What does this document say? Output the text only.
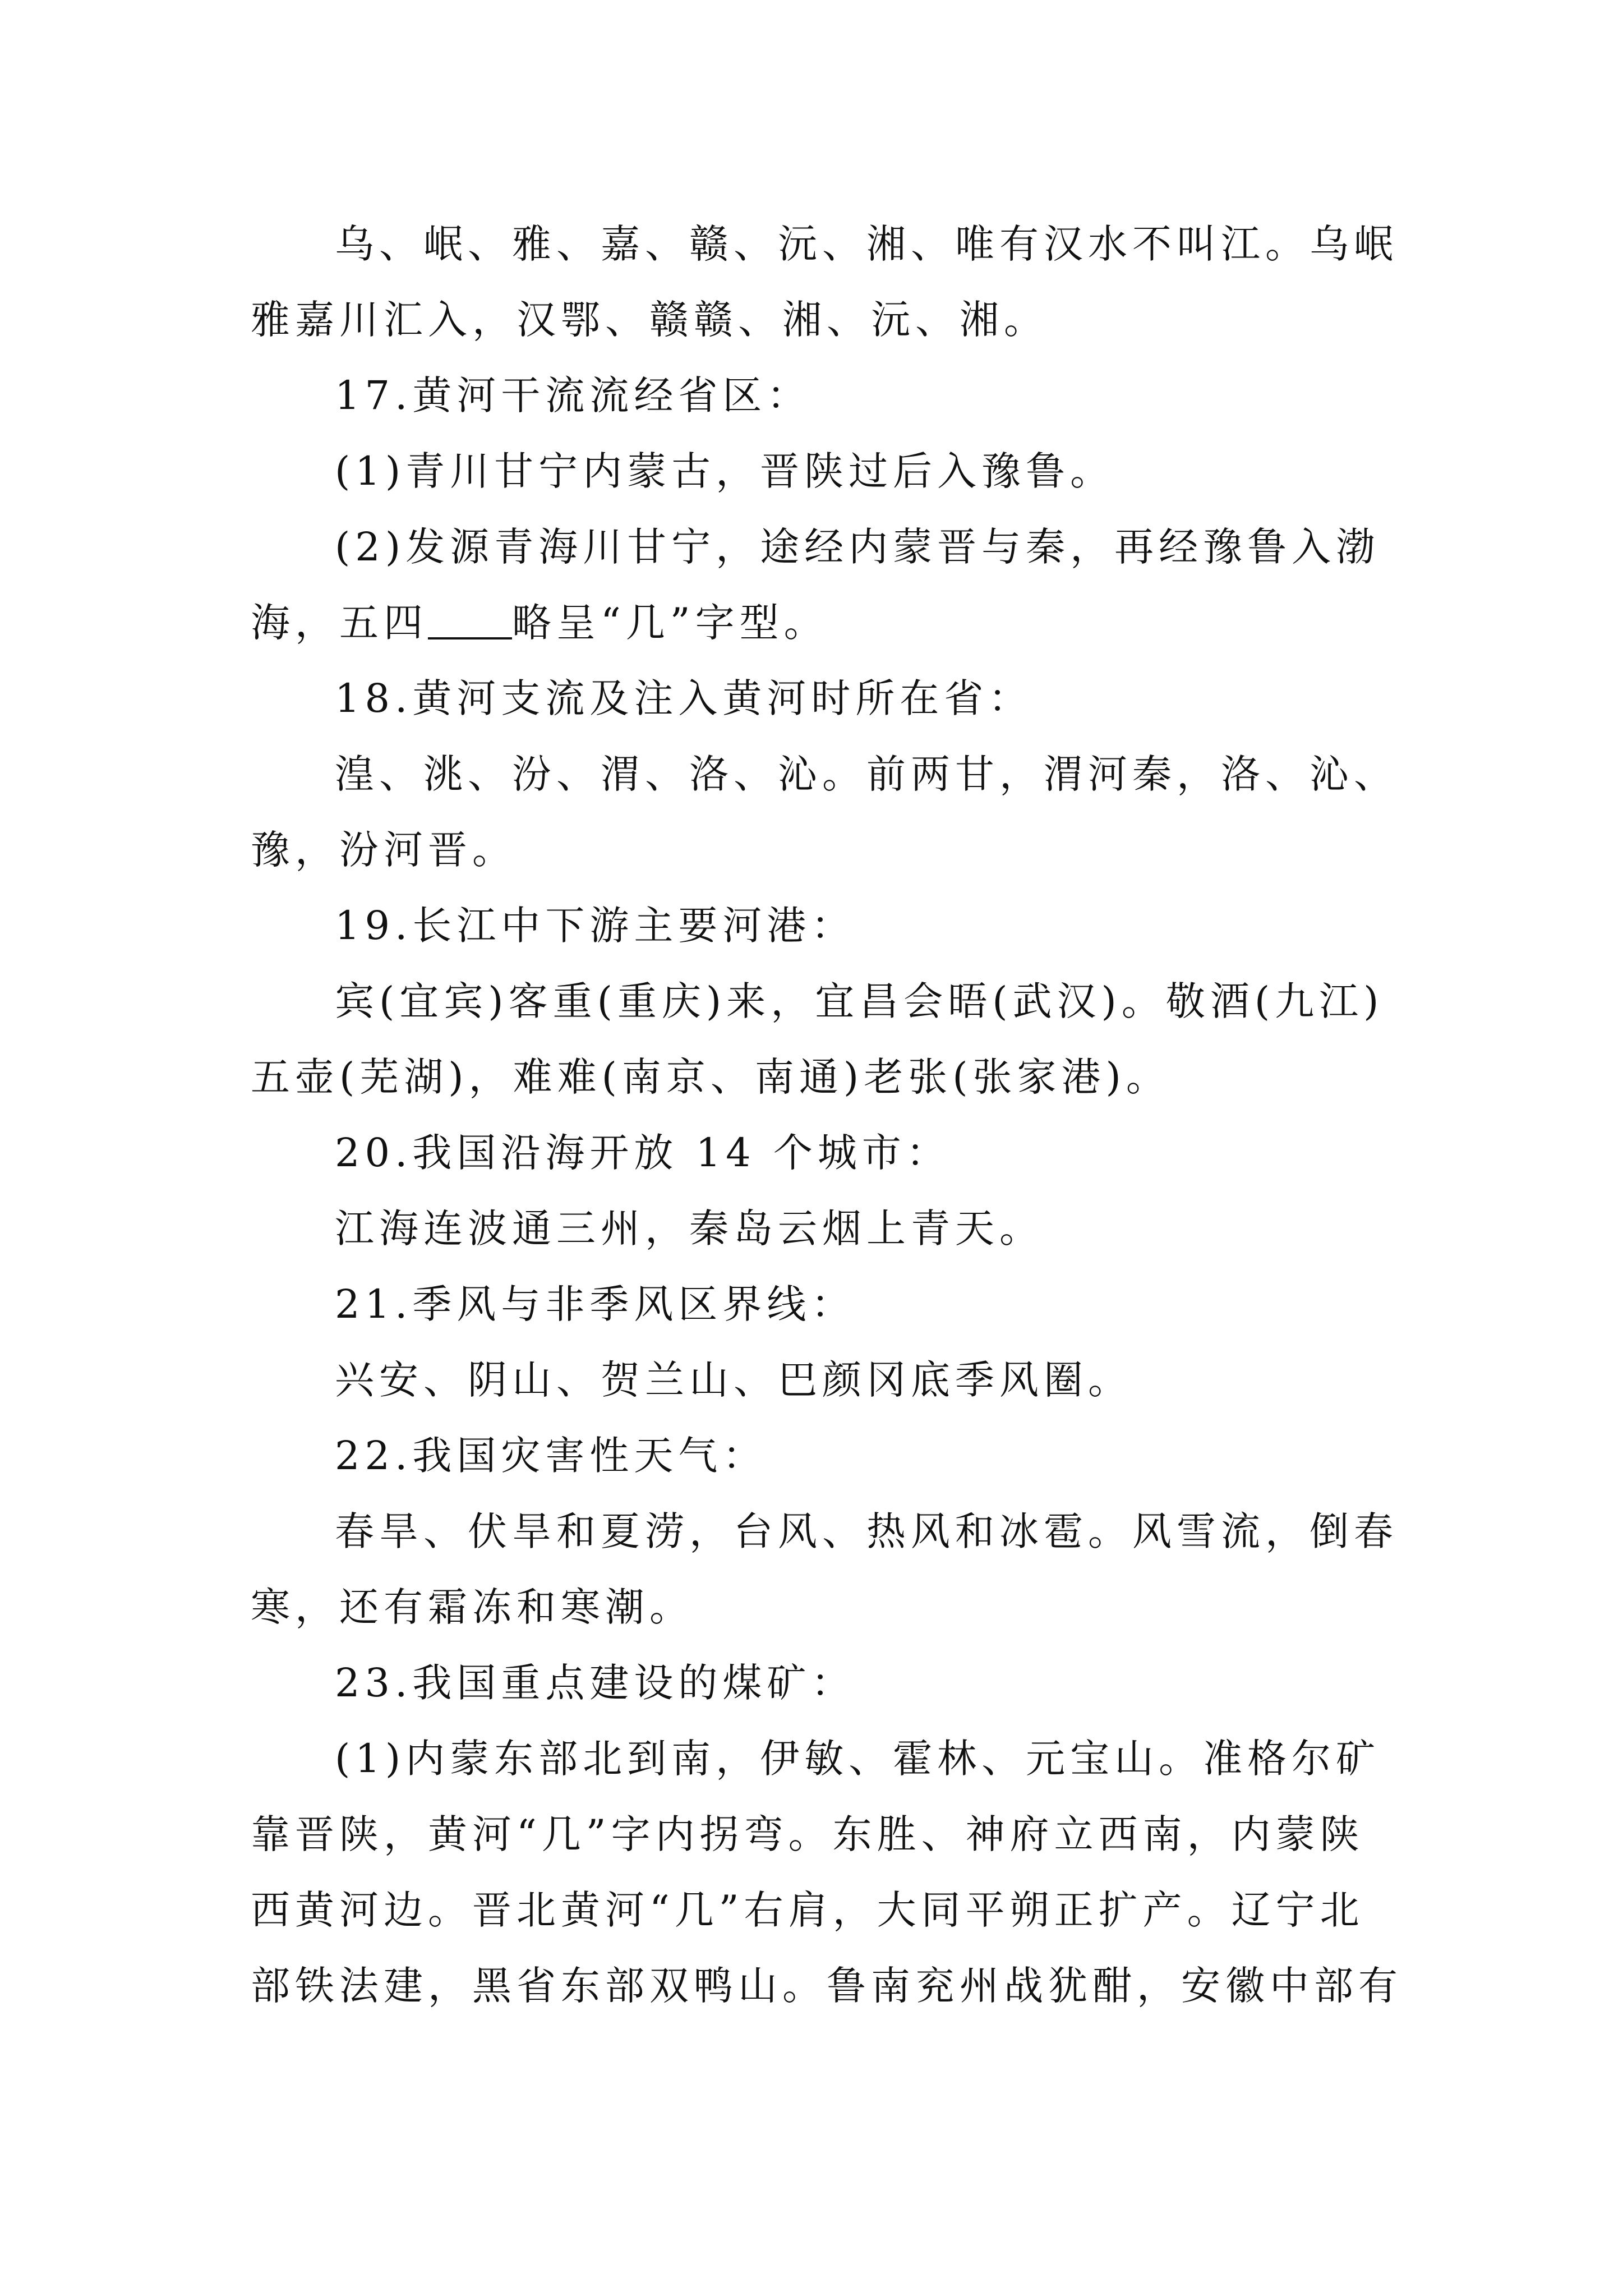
乌、岷、雅、嘉、赣、沅、湘、唯有汉水不叫江。乌岷
雅嘉川汇入，汉鄂、赣赣、湘、沅、湘。
17.黄河干流流经省区：
(1)青川甘宁内蒙古，晋陕过后入豫鲁。
(2)发源青海川甘宁，途经内蒙晋与秦，再经豫鲁入渤
海，五四 略呈“几”字型。
18.黄河支流及注入黄河时所在省：
湟、洮、汾、渭、洛、沁。前两甘，渭河秦，洛、沁、
豫，汾河晋。
19.长江中下游主要河港：
宾(宜宾)客重(重庆)来，宜昌会晤(武汉)。敬酒(九江)
五壶(芜湖)，难难(南京、南通)老张(张家港)。
20.我国沿海开放 14 个城市：
江海连波通三州，秦岛云烟上青天。
21.季风与非季风区界线：
兴安、阴山、贺兰山、巴颜冈底季风圈。
22.我国灾害性天气：
春旱、伏旱和夏涝，台风、热风和冰雹。风雪流，倒春
寒，还有霜冻和寒潮。
23.我国重点建设的煤矿：
(1)内蒙东部北到南，伊敏、霍林、元宝山。准格尔矿
靠晋陕，黄河“几”字内拐弯。东胜、神府立西南，内蒙陕
西黄河边。晋北黄河“几”右肩，大同平朔正扩产。辽宁北
部铁法建，黑省东部双鸭山。鲁南兖州战犹酣，安徽中部有
